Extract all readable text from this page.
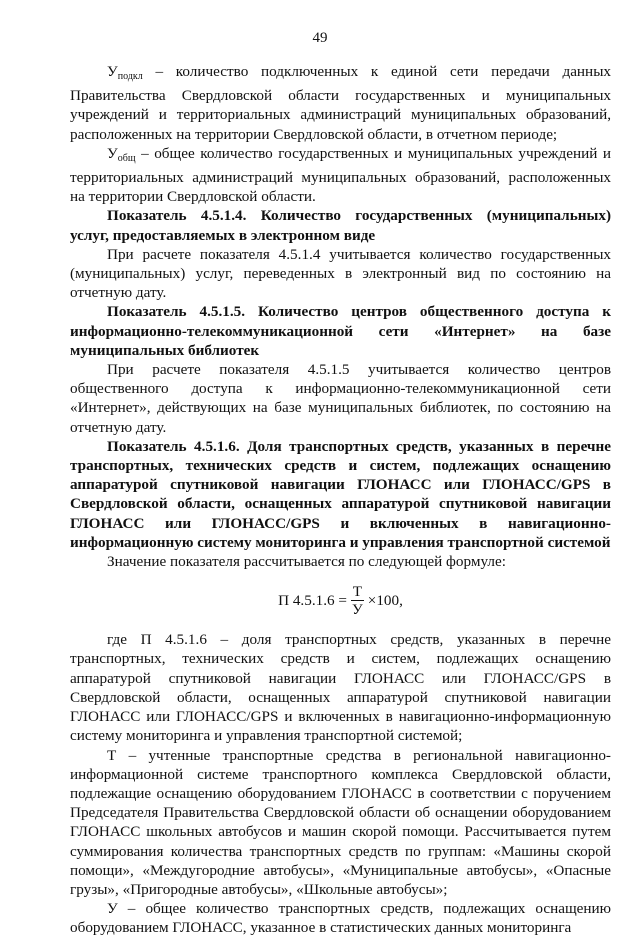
49

$У_{подкл}$ – количество подключенных к единой сети передачи данных Правительства Свердловской области государственных и муниципальных учреждений и территориальных администраций муниципальных образований, расположенных на территории Свердловской области, в отчетном периоде;

$У_{общ}$ – общее количество государственных и муниципальных учреждений и территориальных администраций муниципальных образований, расположенных на территории Свердловской области.

Показатель 4.5.1.4. Количество государственных (муниципальных) услуг, предоставляемых в электронном виде

При расчете показателя 4.5.1.4 учитывается количество государственных (муниципальных) услуг, переведенных в электронный вид по состоянию на отчетную дату.

Показатель 4.5.1.5. Количество центров общественного доступа к информационно-телекоммуникационной сети «Интернет» на базе муниципальных библиотек

При расчете показателя 4.5.1.5 учитывается количество центров общественного доступа к информационно-телекоммуникационной сети «Интернет», действующих на базе муниципальных библиотек, по состоянию на отчетную дату.

Показатель 4.5.1.6. Доля транспортных средств, указанных в перечне транспортных, технических средств и систем, подлежащих оснащению аппаратурой спутниковой навигации ГЛОНАСС или ГЛОНАСС/GPS в Свердловской области, оснащенных аппаратурой спутниковой навигации ГЛОНАСС или ГЛОНАСС/GPS и включенных в навигационно-информационную систему мониторинга и управления транспортной системой

Значение показателя рассчитывается по следующей формуле:

П $4.5.1.6 = \frac{Т}{У} \times 100$,

где П 4.5.1.6 – доля транспортных средств, указанных в перечне транспортных, технических средств и систем, подлежащих оснащению аппаратурой спутниковой навигации ГЛОНАСС или ГЛОНАСС/GPS в Свердловской области, оснащенных аппаратурой спутниковой навигации ГЛОНАСС или ГЛОНАСС/GPS и включенных в навигационно-информационную систему мониторинга и управления транспортной системой;

Т – учтенные транспортные средства в региональной навигационно-информационной системе транспортного комплекса Свердловской области, подлежащие оснащению оборудованием ГЛОНАСС в соответствии с поручением Председателя Правительства Свердловской области об оснащении оборудованием ГЛОНАСС школьных автобусов и машин скорой помощи. Рассчитывается путем суммирования количества транспортных средств по группам: «Машины скорой помощи», «Междугородние автобусы», «Муниципальные автобусы», «Опасные грузы», «Пригородные автобусы», «Школьные автобусы»;

У – общее количество транспортных средств, подлежащих оснащению оборудованием ГЛОНАСС, указанное в статистических данных мониторинга
